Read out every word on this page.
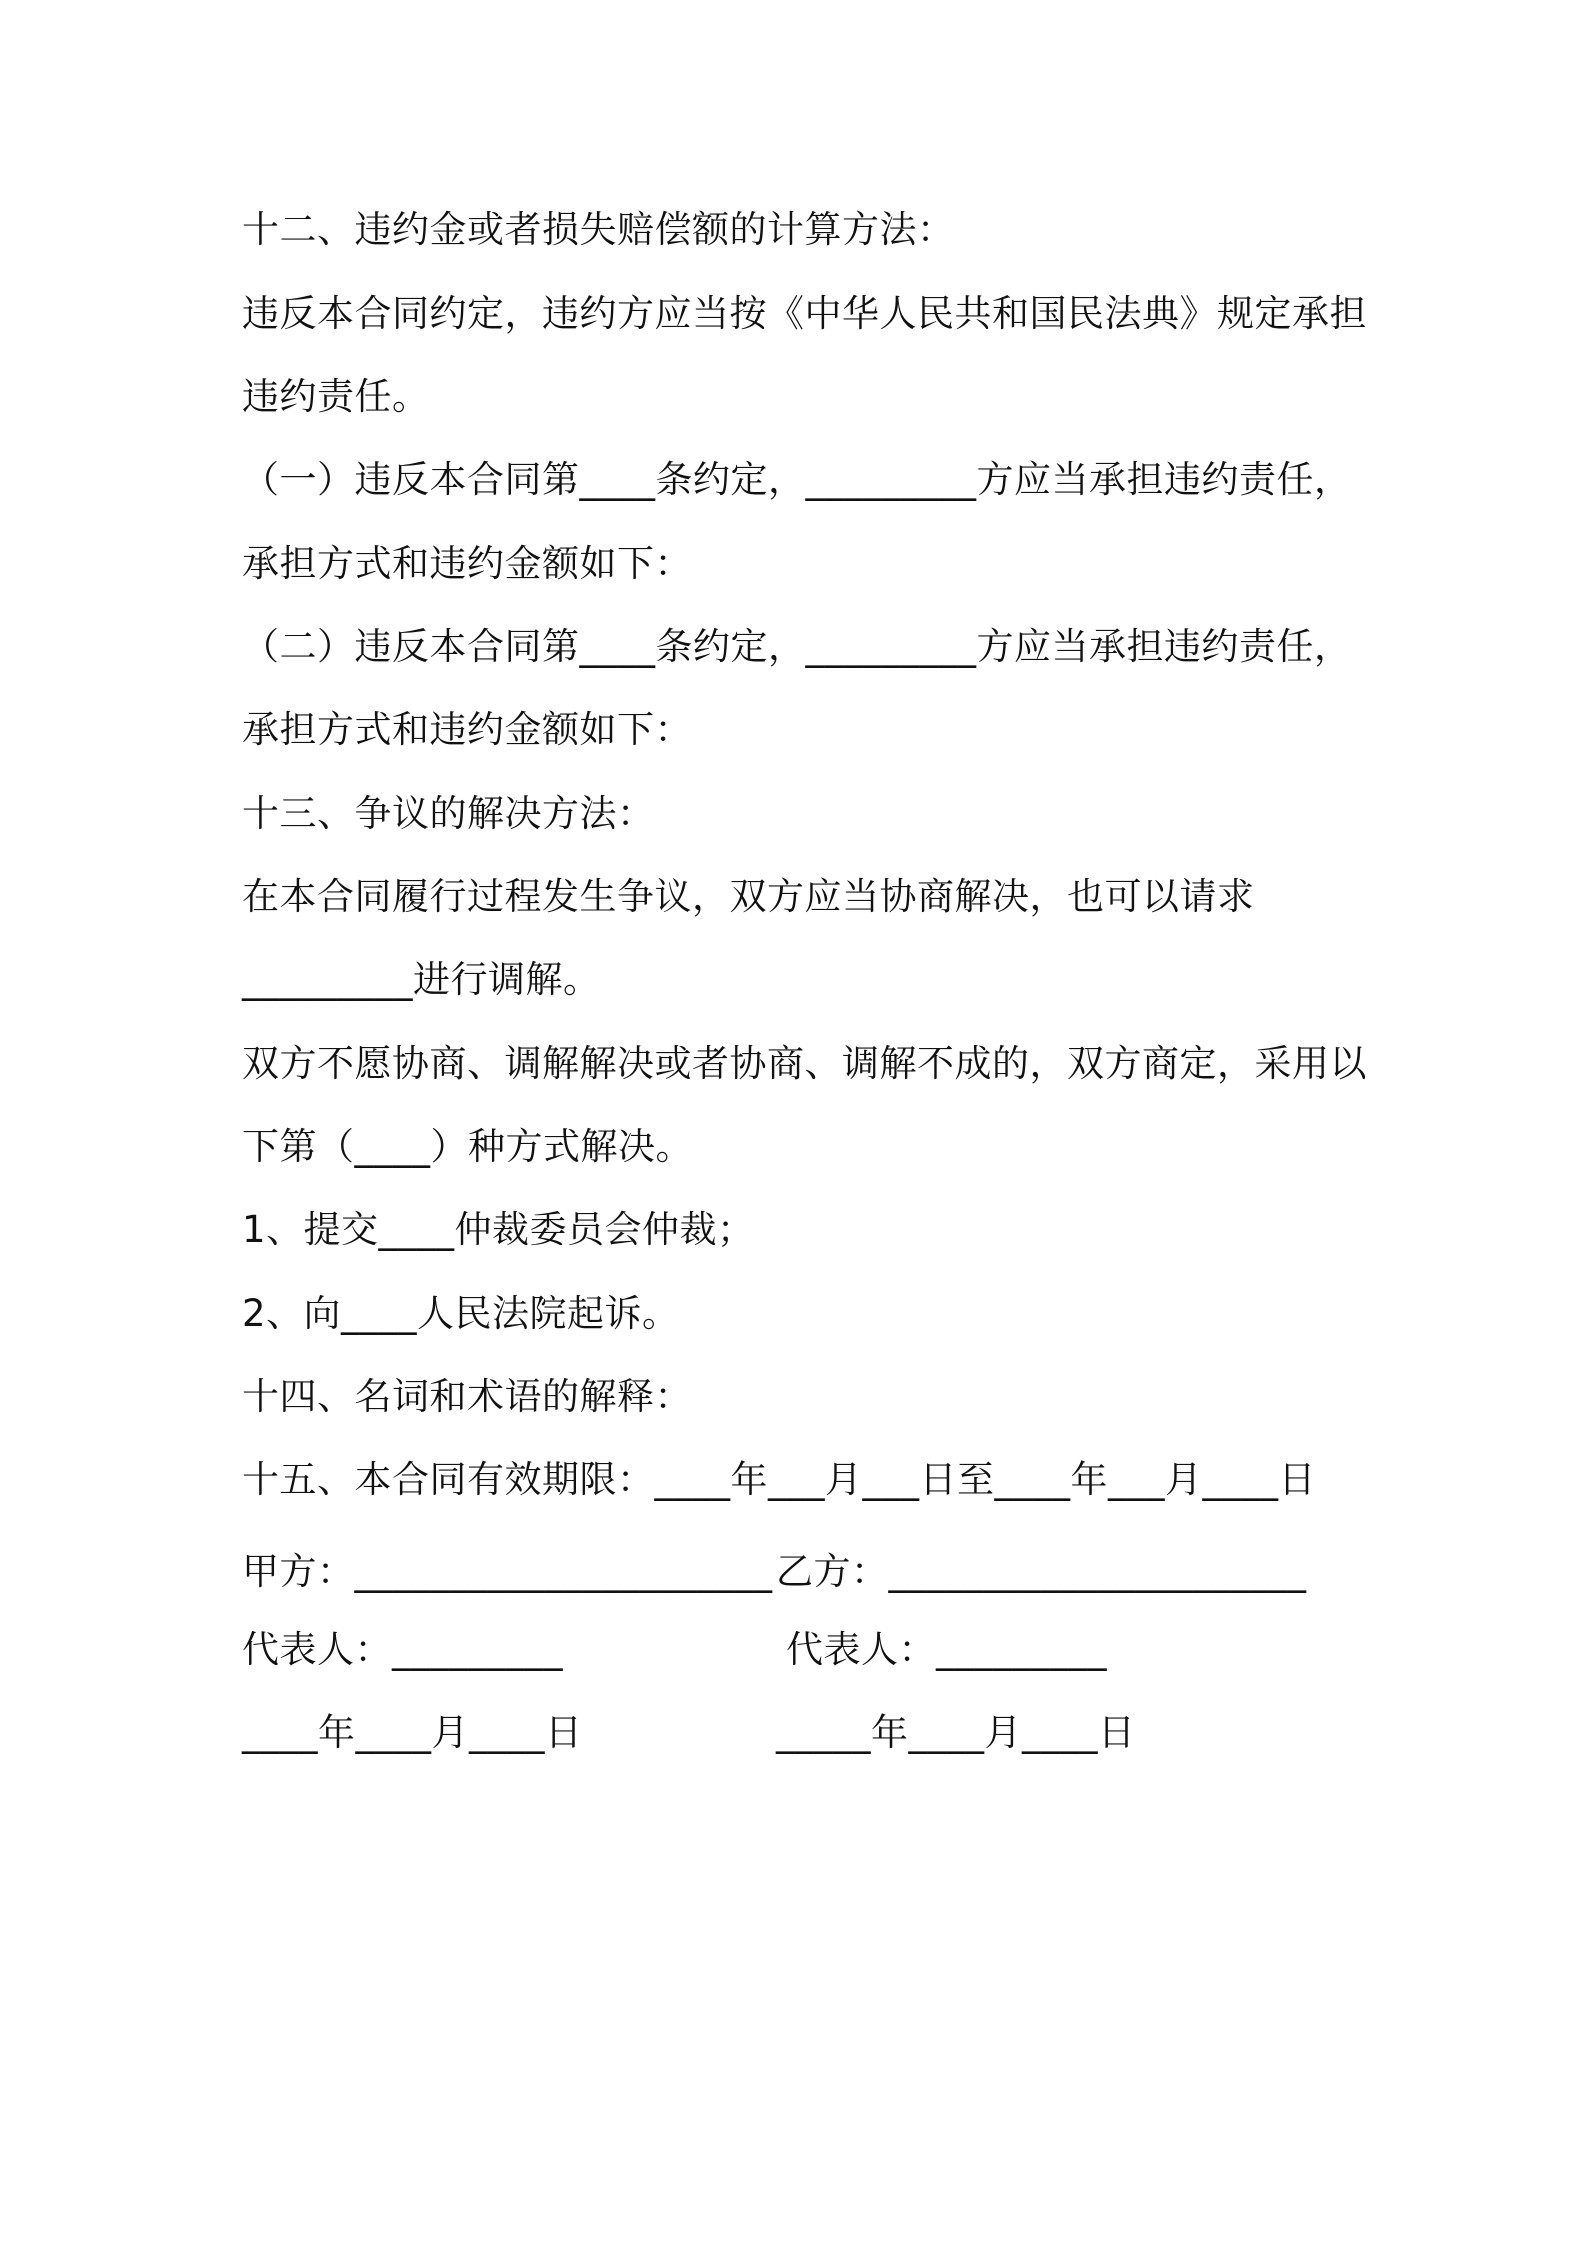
十二、违约金或者损失赔偿额的计算方法：
违反本合同约定，违约方应当按《中华人民共和国民法典》规定承担
违约责任。
（一）违反本合同第____条约定，_________方应当承担违约责任，
承担方式和违约金额如下：
（二）违反本合同第____条约定，_________方应当承担违约责任，
承担方式和违约金额如下：
十三、争议的解决方法：
在本合同履行过程发生争议，双方应当协商解决，也可以请求
_________进行调解。
双方不愿协商、调解解决或者协商、调解不成的，双方商定，采用以
下第（____）种方式解决。
1、提交____仲裁委员会仲裁；
2、向____人民法院起诉。
十四、名词和术语的解释：
十五、本合同有效期限：____年___月___日至____年___月____日
甲方：______________________ 乙方：______________________
代表人：_________	代表人：_________
____年____月____日	_____年____月____日
